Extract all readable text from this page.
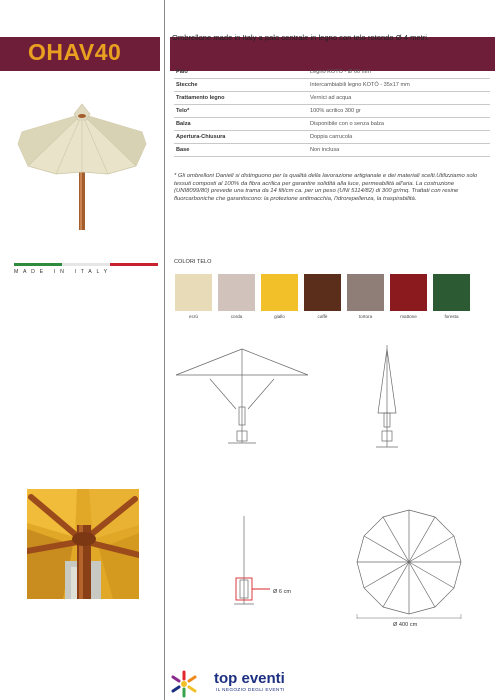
OHAV40
Ombrellone made in Italy a palo centrale in legno con telo rotondo Ø 4 metri.
Palo	Legno KOTÓ - Ø 60 mm
Stecche	Intercambiabili legno KOTÓ - 35x17 mm
Trattamento legno	Vernici ad acqua
Telo*	100% acrilico 300 gr
Balza	Disponibile con o senza balza
Apertura-Chiusura	Doppia carrucola
Base	Non inclusa
* Gli ombrelloni Danieli si distinguono per la qualità della lavorazione artigianale e dei materiali scelti.Utilizziamo solo tessuti composti al 100% da fibra acrilica per garantire solidità alla luce, permeabilità all'aria. La costruzione (UNI8099/80) prevede una trama da 14 fili/cm ca. per un peso (UNI 5114/82) di 300 gr/mq. Trattati con resine fluorcarboniche che garantiscono: la protezione antimacchia, l'idrorepellenza, la traspirabilità.
MADE IN ITALY
COLORI TELO
ecrù	corda	giallo	caffè	tortora	mattone	foresta
Ø 6 cm
Ø 400 cm
top eventi
IL NEGOZIO DEGLI EVENTI
